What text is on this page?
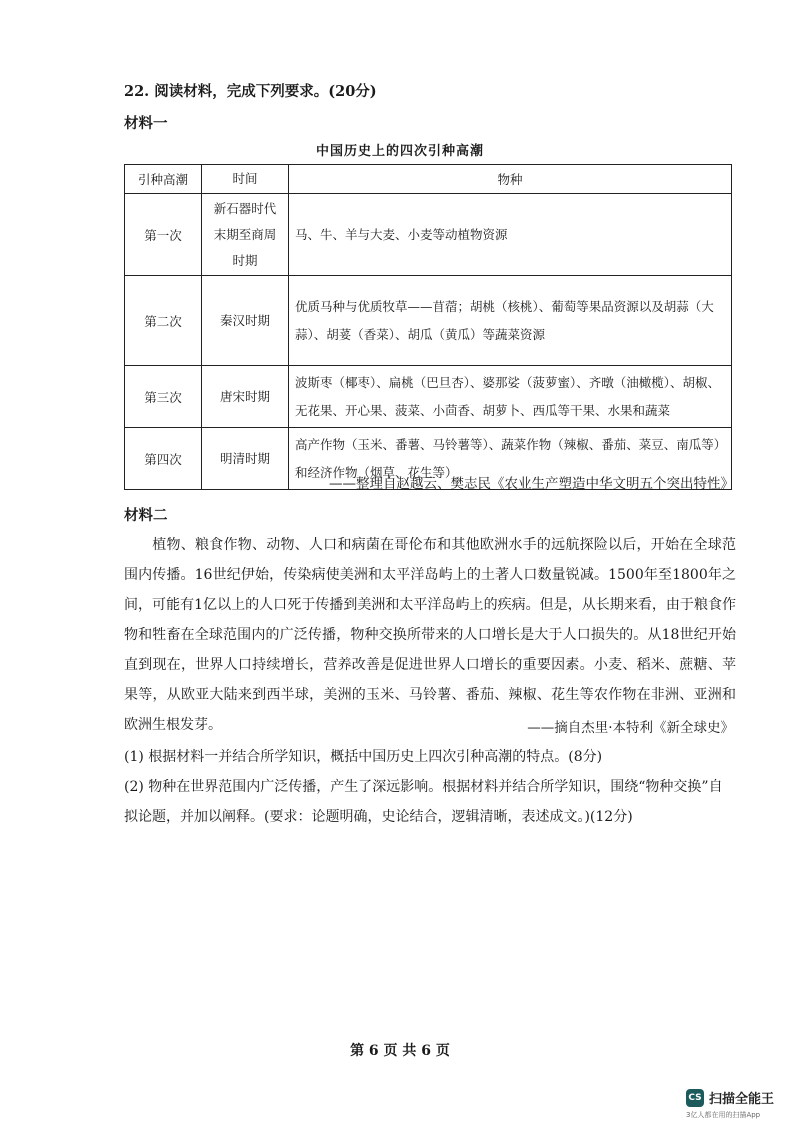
22. 阅读材料，完成下列要求。(20分)
材料一
中国历史上的四次引种高潮
引种高潮	时间	物种
第一次	新石器时代末期至商周时期	马、牛、羊与大麦、小麦等动植物资源
第二次	秦汉时期	优质马种与优质牧草——苜蓿；胡桃（核桃）、葡萄等果品资源以及胡蒜（大蒜）、胡荽（香菜）、胡瓜（黄瓜）等蔬菜资源
第三次	唐宋时期	波斯枣（椰枣）、扁桃（巴旦杏）、婆那娑（菠萝蜜）、齐暾（油橄榄）、胡椒、无花果、开心果、菠菜、小茴香、胡萝卜、西瓜等干果、水果和蔬菜
第四次	明清时期	高产作物（玉米、番薯、马铃薯等）、蔬菜作物（辣椒、番茄、菜豆、南瓜等）和经济作物（烟草、花生等）
——整理自赵越云、樊志民《农业生产塑造中华文明五个突出特性》
材料二
植物、粮食作物、动物、人口和病菌在哥伦布和其他欧洲水手的远航探险以后，开始在全球范围内传播。16世纪伊始，传染病使美洲和太平洋岛屿上的土著人口数量锐减。1500年至1800年之间，可能有1亿以上的人口死于传播到美洲和太平洋岛屿上的疾病。但是，从长期来看，由于粮食作物和牲畜在全球范围内的广泛传播，物种交换所带来的人口增长是大于人口损失的。从18世纪开始直到现在，世界人口持续增长，营养改善是促进世界人口增长的重要因素。小麦、稻米、蔗糖、苹果等，从欧亚大陆来到西半球，美洲的玉米、马铃薯、番茄、辣椒、花生等农作物在非洲、亚洲和欧洲生根发芽。	——摘自杰里·本特利《新全球史》
(1) 根据材料一并结合所学知识，概括中国历史上四次引种高潮的特点。(8分)
(2) 物种在世界范围内广泛传播，产生了深远影响。根据材料并结合所学知识，围绕“物种交换”自拟论题，并加以阐释。(要求：论题明确，史论结合，逻辑清晰，表述成文。)(12分)
第 6 页 共 6 页
CS 扫描全能王
3亿人都在用的扫描App
